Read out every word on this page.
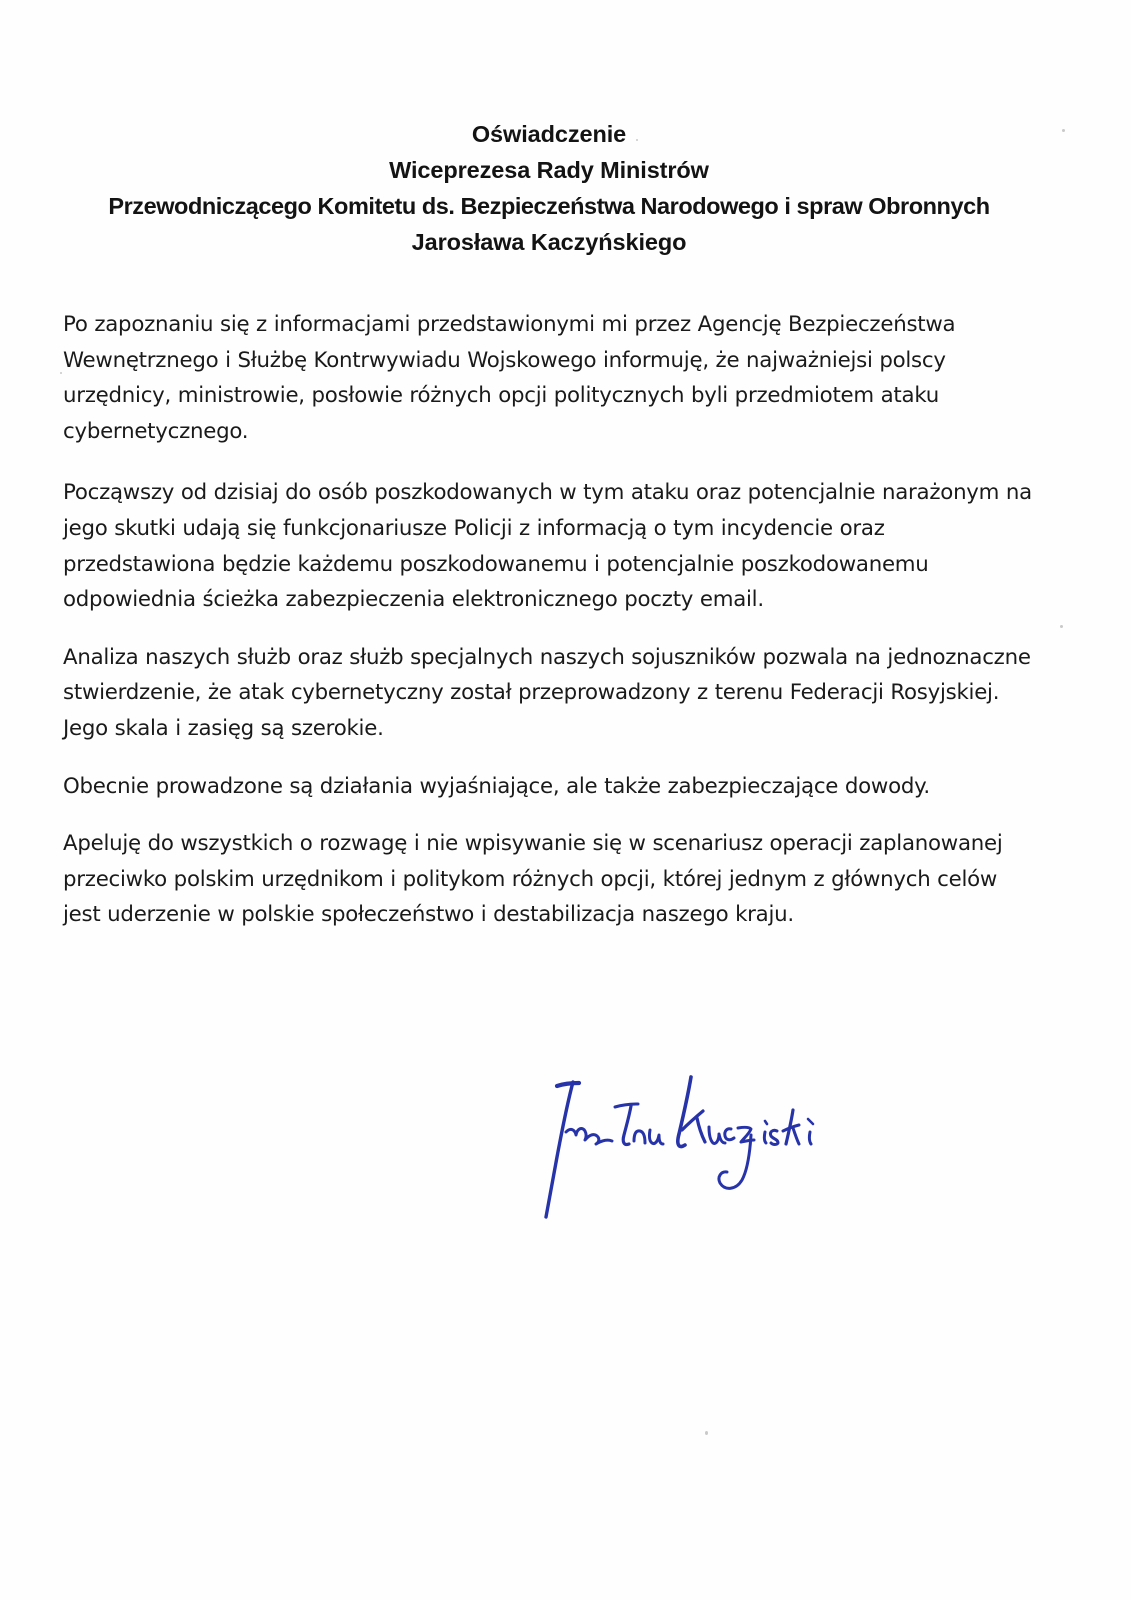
Oświadczenie
Wiceprezesa Rady Ministrów
Przewodniczącego Komitetu ds. Bezpieczeństwa Narodowego i spraw Obronnych
Jarosława Kaczyńskiego

Po zapoznaniu się z informacjami przedstawionymi mi przez Agencję Bezpieczeństwa Wewnętrznego i Służbę Kontrwywiadu Wojskowego informuję, że najważniejsi polscy urzędnicy, ministrowie, posłowie różnych opcji politycznych byli przedmiotem ataku cybernetycznego.

Począwszy od dzisiaj do osób poszkodowanych w tym ataku oraz potencjalnie narażonym na jego skutki udają się funkcjonariusze Policji z informacją o tym incydencie oraz przedstawiona będzie każdemu poszkodowanemu i potencjalnie poszkodowanemu odpowiednia ścieżka zabezpieczenia elektronicznego poczty email.

Analiza naszych służb oraz służb specjalnych naszych sojuszników pozwala na jednoznaczne stwierdzenie, że atak cybernetyczny został przeprowadzony z terenu Federacji Rosyjskiej. Jego skala i zasięg są szerokie.

Obecnie prowadzone są działania wyjaśniające, ale także zabezpieczające dowody.

Apeluję do wszystkich o rozwagę i nie wpisywanie się w scenariusz operacji zaplanowanej przeciwko polskim urzędnikom i politykom różnych opcji, której jednym z głównych celów jest uderzenie w polskie społeczeństwo i destabilizacja naszego kraju.
